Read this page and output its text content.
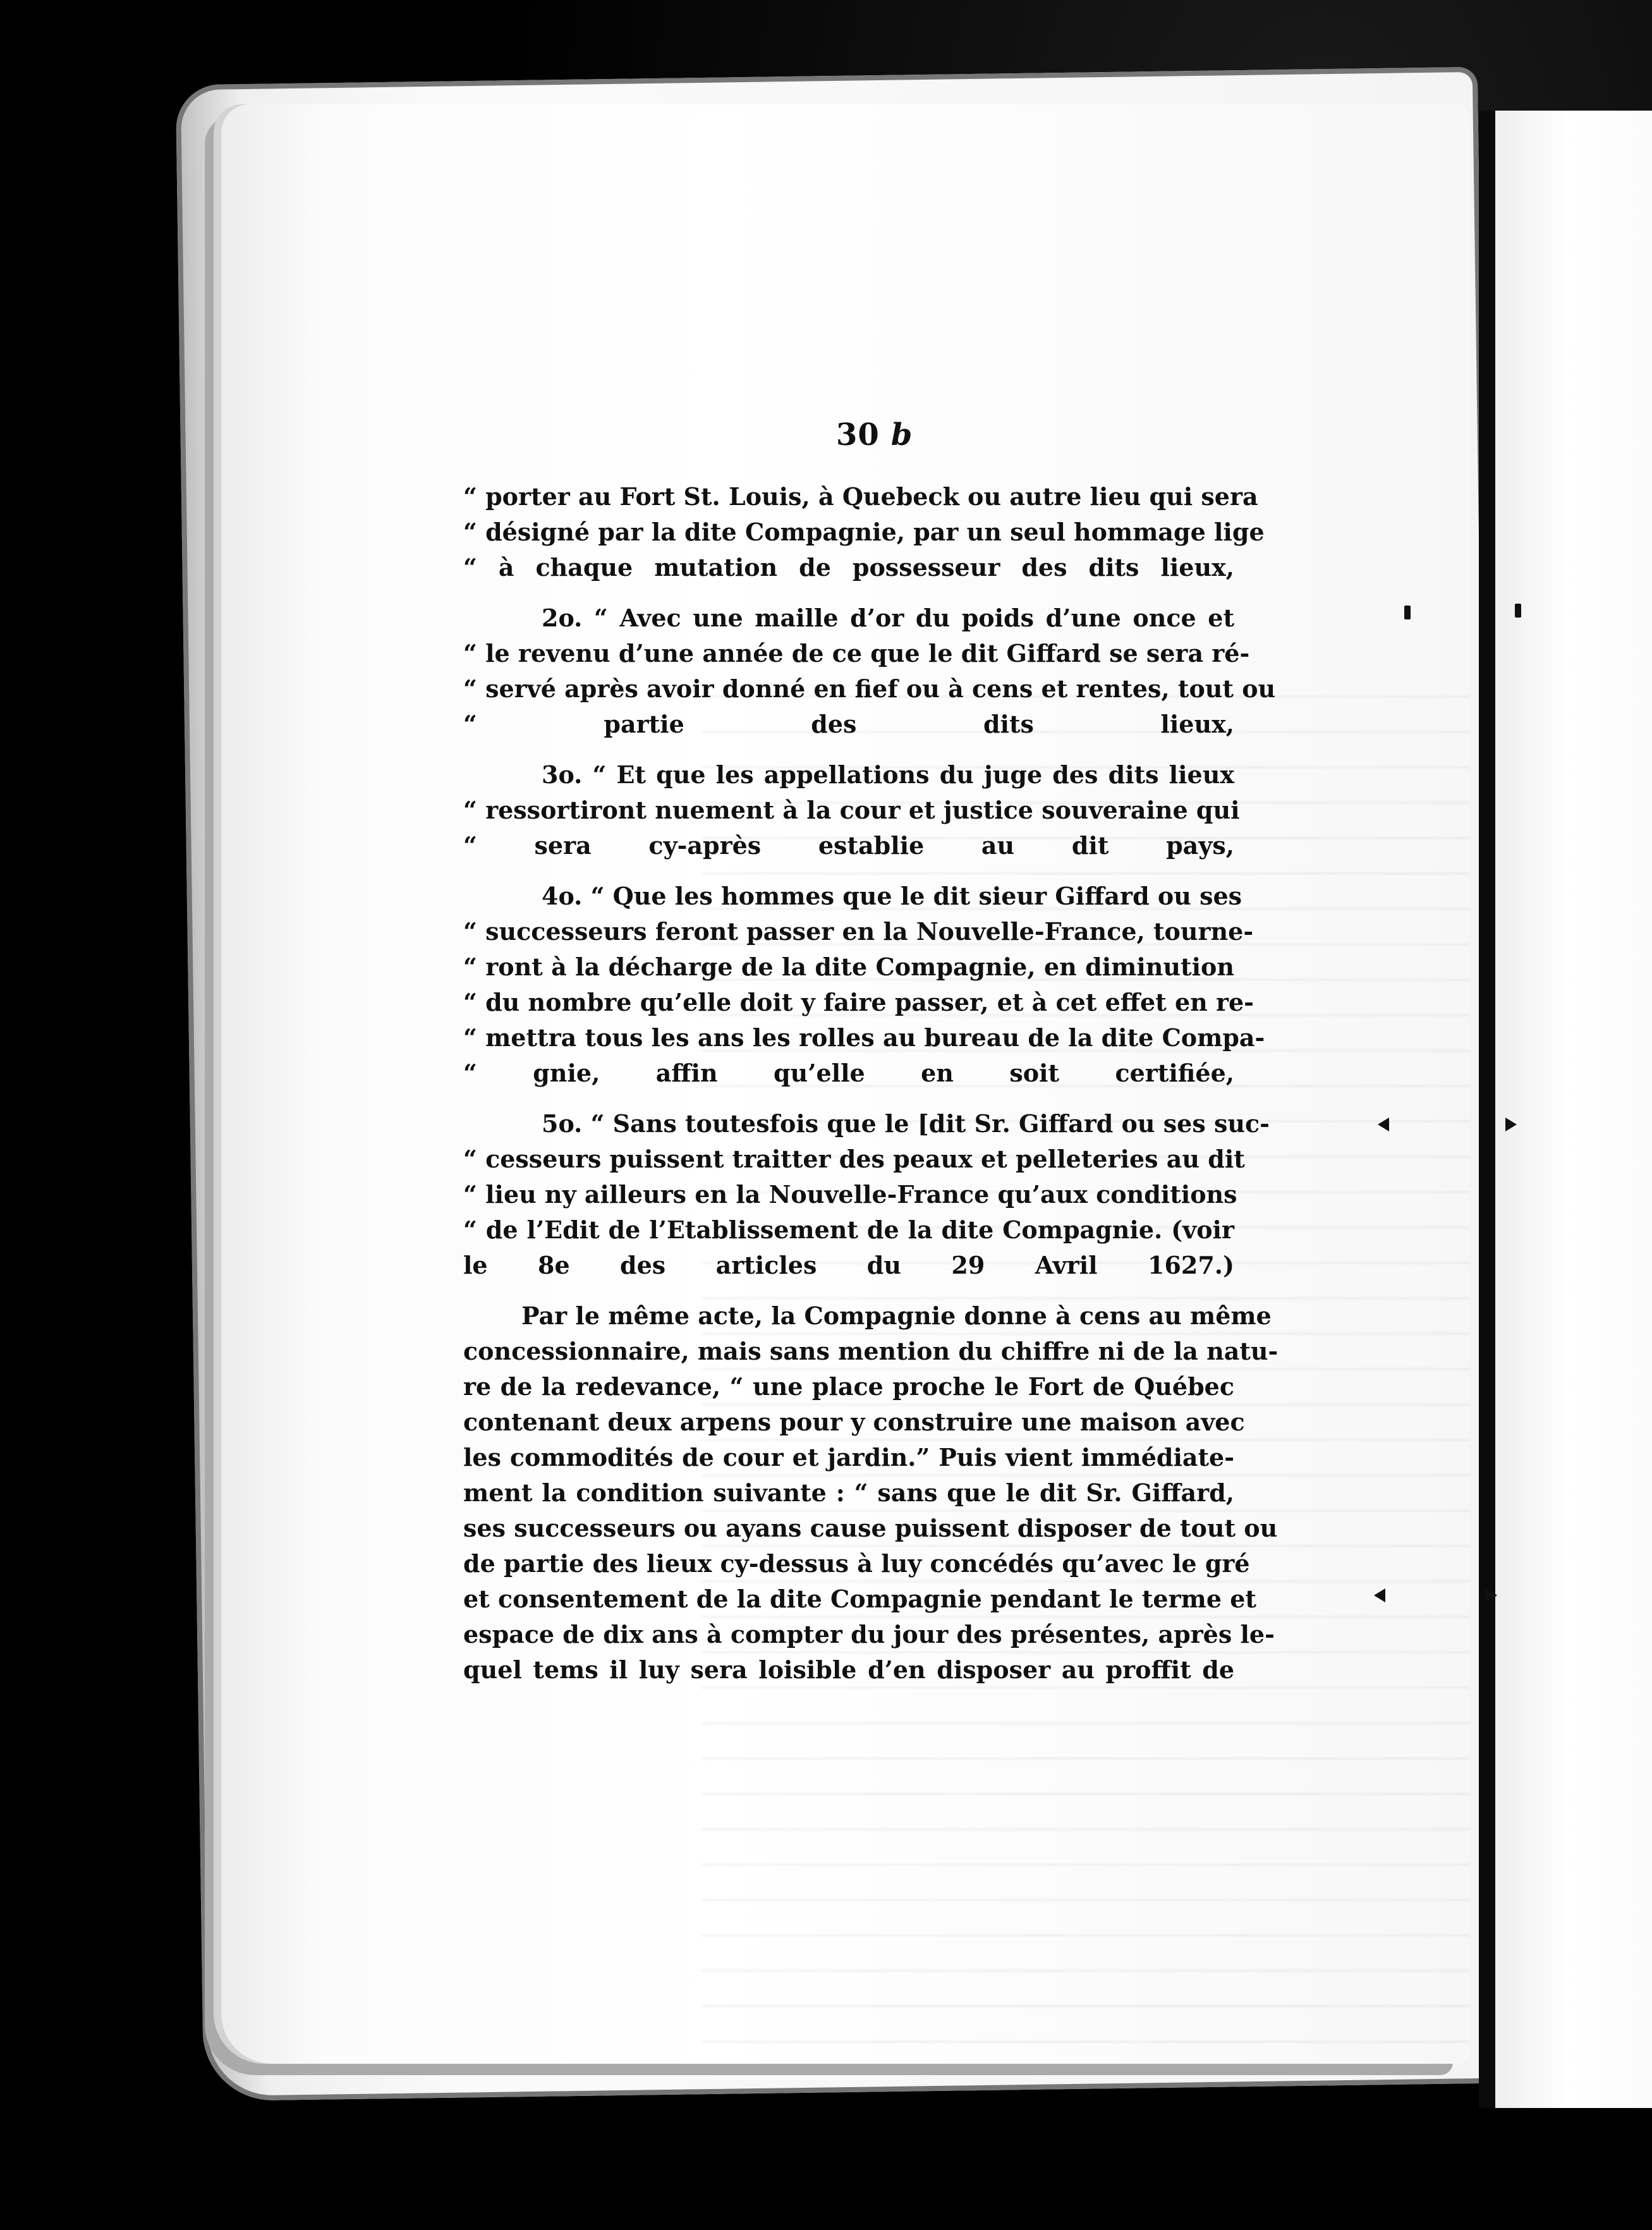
30 b
“ porter au Fort St. Louis, à Quebeck ou autre lieu qui sera
“ désigné par la dite Compagnie, par un seul hommage lige
“ à chaque mutation de possesseur des dits lieux,
2o. “ Avec une maille d’or du poids d’une once et
“ le revenu d’une année de ce que le dit Giffard se sera ré-
“ servé après avoir donné en fief ou à cens et rentes, tout ou
“ partie des dits lieux,
3o. “ Et que les appellations du juge des dits lieux
“ ressortiront nuement à la cour et justice souveraine qui
“ sera cy-après establie au dit pays,
4o. “ Que les hommes que le dit sieur Giffard ou ses
“ successeurs feront passer en la Nouvelle-France, tourne-
“ ront à la décharge de la dite Compagnie, en diminution
“ du nombre qu’elle doit y faire passer, et à cet effet en re-
“ mettra tous les ans les rolles au bureau de la dite Compa-
“ gnie, affin qu’elle en soit certifiée,
5o. “ Sans toutesfois que le [dit Sr. Giffard ou ses suc-
“ cesseurs puissent traitter des peaux et pelleteries au dit
“ lieu ny ailleurs en la Nouvelle-France qu’aux conditions
“ de l’Edit de l’Etablissement de la dite Compagnie. (voir
le 8e des articles du 29 Avril 1627.)
Par le même acte, la Compagnie donne à cens au même
concessionnaire, mais sans mention du chiffre ni de la natu-
re de la redevance, “ une place proche le Fort de Québec
contenant deux arpens pour y construire une maison avec
les commodités de cour et jardin.” Puis vient immédiate-
ment la condition suivante : “ sans que le dit Sr. Giffard,
ses successeurs ou ayans cause puissent disposer de tout ou
de partie des lieux cy-dessus à luy concédés qu’avec le gré
et consentement de la dite Compagnie pendant le terme et
espace de dix ans à compter du jour des présentes, après le-
quel tems il luy sera loisible d’en disposer au proffit de
